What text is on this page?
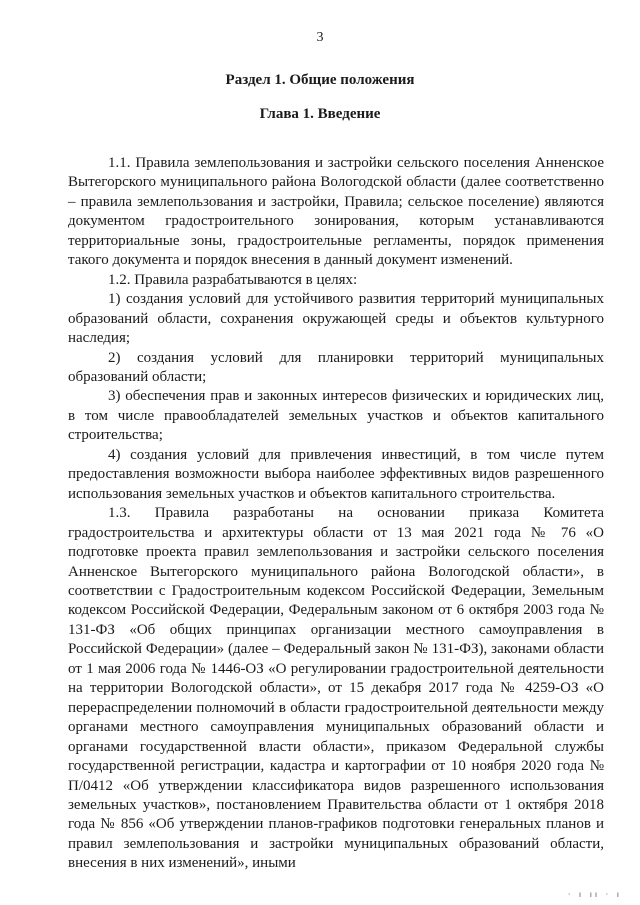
3
Раздел 1. Общие положения
Глава 1. Введение

1.1. Правила землепользования и застройки сельского поселения Анненское Вытегорского муниципального района Вологодской области (далее соответственно – правила землепользования и застройки, Правила; сельское поселение) являются документом градостроительного зонирования, которым устанавливаются территориальные зоны, градостроительные регламенты, порядок применения такого документа и порядок внесения в данный документ изменений.

1.2. Правила разрабатываются в целях:

1) создания условий для устойчивого развития территорий муниципальных образований области, сохранения окружающей среды и объектов культурного наследия;

2) создания условий для планировки территорий муниципальных образований области;

3) обеспечения прав и законных интересов физических и юридических лиц, в том числе правообладателей земельных участков и объектов капитального строительства;

4) создания условий для привлечения инвестиций, в том числе путем предоставления возможности выбора наиболее эффективных видов разрешенного использования земельных участков и объектов капитального строительства.

1.3. Правила разработаны на основании приказа Комитета градостроительства и архитектуры области от 13 мая 2021 года № 76 «О подготовке проекта правил землепользования и застройки сельского поселения Анненское Вытегорского муниципального района Вологодской области», в соответствии с Градостроительным кодексом Российской Федерации, Земельным кодексом Российской Федерации, Федеральным законом от 6 октября 2003 года № 131-ФЗ «Об общих принципах организации местного самоуправления в Российской Федерации» (далее – Федеральный закон № 131-ФЗ), законами области от 1 мая 2006 года № 1446-ОЗ «О регулировании градостроительной деятельности на территории Вологодской области», от 15 декабря 2017 года № 4259-ОЗ «О перераспределении полномочий в области градостроительной деятельности между органами местного самоуправления муниципальных образований области и органами государственной власти области», приказом Федеральной службы государственной регистрации, кадастра и картографии от 10 ноября 2020 года № П/0412 «Об утверждении классификатора видов разрешенного использования земельных участков», постановлением Правительства области от 1 октября 2018 года № 856 «Об утверждении планов-графиков подготовки генеральных планов и правил землепользования и застройки муниципальных образований области, внесения в них изменений», иными

· ı ıı · ı
